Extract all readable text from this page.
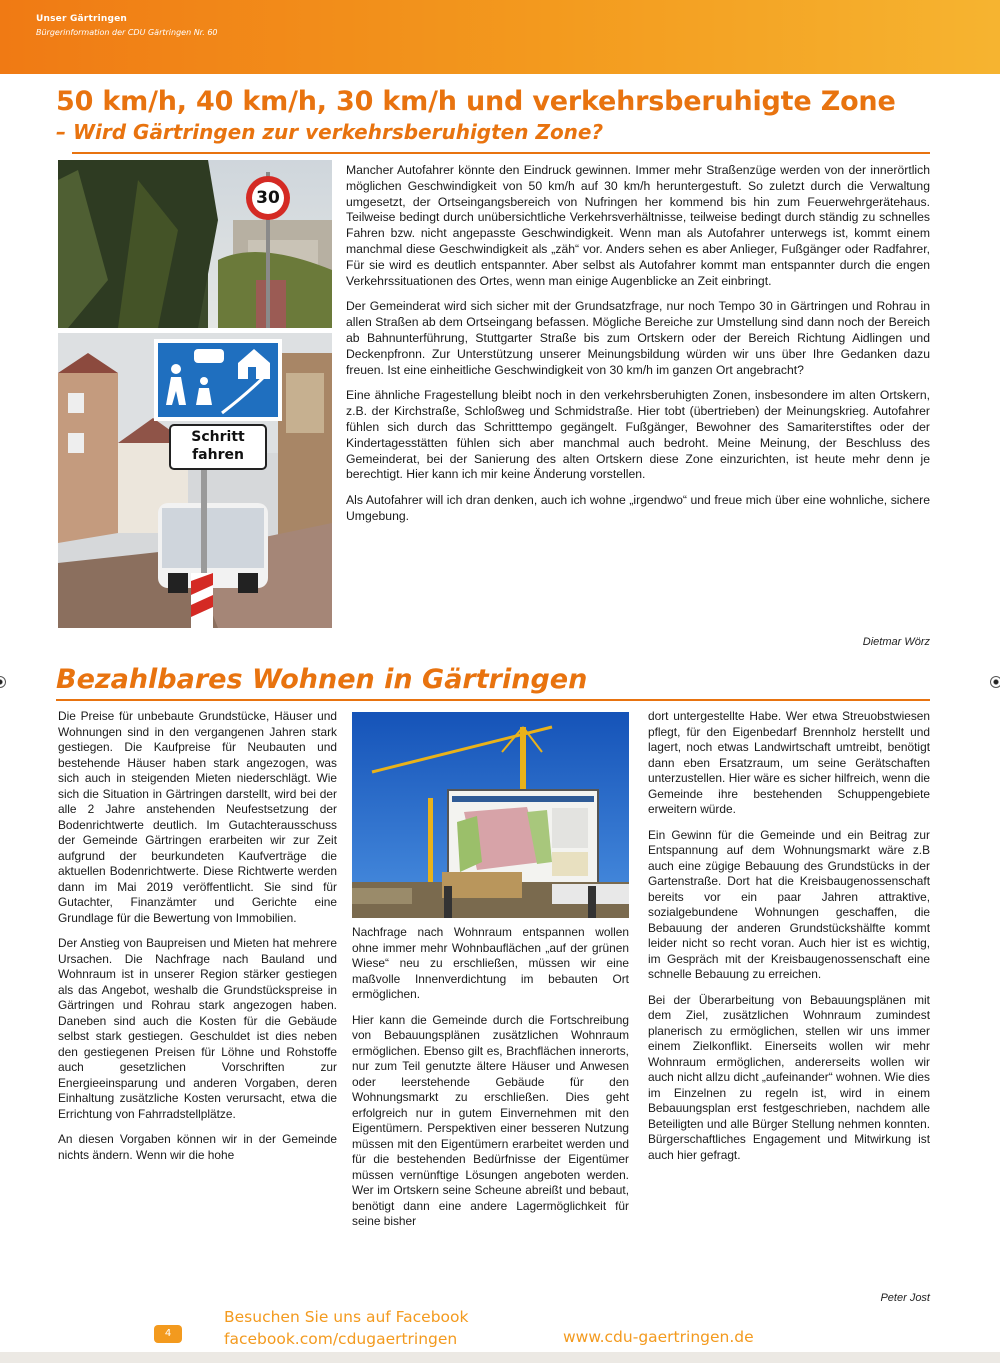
Unser Gärtringen
Bürgerinformation der CDU Gärtringen Nr. 60
50 km/h, 40 km/h, 30 km/h und verkehrsberuhigte Zone
– Wird Gärtringen zur verkehrsberuhigten Zone?
30
Schritt
fahren

Mancher Autofahrer könnte den Eindruck gewinnen. Immer mehr Straßenzüge werden von der innerörtlich möglichen Geschwindigkeit von 50 km/h auf 30 km/h heruntergestuft. So zuletzt durch die Verwaltung umgesetzt, der Ortseingangsbereich von Nufringen her kommend bis hin zum Feuerwehrgerätehaus. Teilweise bedingt durch unübersichtliche Verkehrsverhältnisse, teilweise bedingt durch ständig zu schnelles Fahren bzw. nicht angepasste Geschwindigkeit. Wenn man als Autofahrer unterwegs ist, kommt einem manchmal diese Geschwindigkeit als „zäh“ vor. Anders sehen es aber Anlieger, Fußgänger oder Radfahrer, Für sie wird es deutlich entspannter. Aber selbst als Autofahrer kommt man entspannter durch die engen Verkehrssituationen des Ortes, wenn man einige Augenblicke an Zeit einbringt.

Der Gemeinderat wird sich sicher mit der Grundsatzfrage, nur noch Tempo 30 in Gärtringen und Rohrau in allen Straßen ab dem Ortseingang befassen. Mögliche Bereiche zur Umstellung sind dann noch der Bereich ab Bahnunterführung, Stuttgarter Straße bis zum Ortskern oder der Bereich Richtung Aidlingen und Deckenpfronn. Zur Unterstützung unserer Meinungsbildung würden wir uns über Ihre Gedanken dazu freuen. Ist eine einheitliche Geschwindigkeit von 30 km/h im ganzen Ort angebracht?

Eine ähnliche Fragestellung bleibt noch in den verkehrsberuhigten Zonen, insbesondere im alten Ortskern, z.B. der Kirchstraße, Schloßweg und Schmidstraße. Hier tobt (übertrieben) der Meinungskrieg. Autofahrer fühlen sich durch das Schritttempo gegängelt. Fußgänger, Bewohner des Samariterstiftes oder der Kindertagesstätten fühlen sich aber manchmal auch bedroht. Meine Meinung, der Beschluss des Gemeinderat, bei der Sanierung des alten Ortskern diese Zone einzurichten, ist heute mehr denn je berechtigt. Hier kann ich mir keine Änderung vorstellen.

Als Autofahrer will ich dran denken, auch ich wohne „irgendwo“ und freue mich über eine wohnliche, sichere Umgebung.

Dietmar Wörz
Bezahlbares Wohnen in Gärtringen

Die Preise für unbebaute Grundstücke, Häuser und Wohnungen sind in den vergangenen Jahren stark gestiegen. Die Kaufpreise für Neubauten und bestehende Häuser haben stark angezogen, was sich auch in steigenden Mieten niederschlägt. Wie sich die Situation in Gärtringen darstellt, wird bei der alle 2 Jahre anstehenden Neufestsetzung der Bodenrichtwerte deutlich. Im Gutachterausschuss der Gemeinde Gärtringen erarbeiten wir zur Zeit aufgrund der beurkundeten Kaufverträge die aktuellen Bodenrichtwerte. Diese Richtwerte werden dann im Mai 2019 veröffentlicht. Sie sind für Gutachter, Finanzämter und Gerichte eine Grundlage für die Bewertung von Immobilien.

Der Anstieg von Baupreisen und Mieten hat mehrere Ursachen. Die Nachfrage nach Bauland und Wohnraum ist in unserer Region stärker gestiegen als das Angebot, weshalb die Grundstückspreise in Gärtringen und Rohrau stark angezogen haben. Daneben sind auch die Kosten für die Gebäude selbst stark gestiegen. Geschuldet ist dies neben den gestiegenen Preisen für Löhne und Rohstoffe auch gesetzlichen Vorschriften zur Energieeinsparung und anderen Vorgaben, deren Einhaltung zusätzliche Kosten verursacht, etwa die Errichtung von Fahrradstellplätze.

An diesen Vorgaben können wir in der Gemeinde nichts ändern. Wenn wir die hohe

Nachfrage nach Wohnraum entspannen wollen ohne immer mehr Wohnbauflächen „auf der grünen Wiese“ neu zu erschließen, müssen wir eine maßvolle Innenverdichtung im bebauten Ort ermöglichen.

Hier kann die Gemeinde durch die Fortschreibung von Bebauungsplänen zusätzlichen Wohnraum ermöglichen. Ebenso gilt es, Brachflächen innerorts, nur zum Teil genutzte ältere Häuser und Anwesen oder leerstehende Gebäude für den Wohnungsmarkt zu erschließen. Dies geht erfolgreich nur in gutem Einvernehmen mit den Eigentümern. Perspektiven einer besseren Nutzung müssen mit den Eigentümern erarbeitet werden und für die bestehenden Bedürfnisse der Eigentümer müssen vernünftige Lösungen angeboten werden. Wer im Ortskern seine Scheune abreißt und bebaut, benötigt dann eine andere Lagermöglichkeit für seine bisher

dort untergestellte Habe. Wer etwa Streuobstwiesen pflegt, für den Eigenbedarf Brennholz herstellt und lagert, noch etwas Landwirtschaft umtreibt, benötigt dann eben Ersatzraum, um seine Gerätschaften unterzustellen. Hier wäre es sicher hilfreich, wenn die Gemeinde ihre bestehenden Schuppengebiete erweitern würde.

Ein Gewinn für die Gemeinde und ein Beitrag zur Entspannung auf dem Wohnungsmarkt wäre z.B auch eine zügige Bebauung des Grundstücks in der Gartenstraße. Dort hat die Kreisbaugenossenschaft bereits vor ein paar Jahren attraktive, sozialgebundene Wohnungen geschaffen, die Bebauung der anderen Grundstückshälfte kommt leider nicht so recht voran. Auch hier ist es wichtig, im Gespräch mit der Kreisbaugenossenschaft eine schnelle Bebauung zu erreichen.

Bei der Überarbeitung von Bebauungsplänen mit dem Ziel, zusätzlichen Wohnraum zumindest planerisch zu ermöglichen, stellen wir uns immer einem Zielkonflikt. Einerseits wollen wir mehr Wohnraum ermöglichen, andererseits wollen wir auch nicht allzu dicht „aufeinander“ wohnen. Wie dies im Einzelnen zu regeln ist, wird in einem Bebauungsplan erst festgeschrieben, nachdem alle Beteiligten und alle Bürger Stellung nehmen konnten. Bürgerschaftliches Engagement und Mitwirkung ist auch hier gefragt.

Peter Jost
Besuchen Sie uns auf Facebook
facebook.com/cdugaertringen
4	www.cdu-gaertringen.de
